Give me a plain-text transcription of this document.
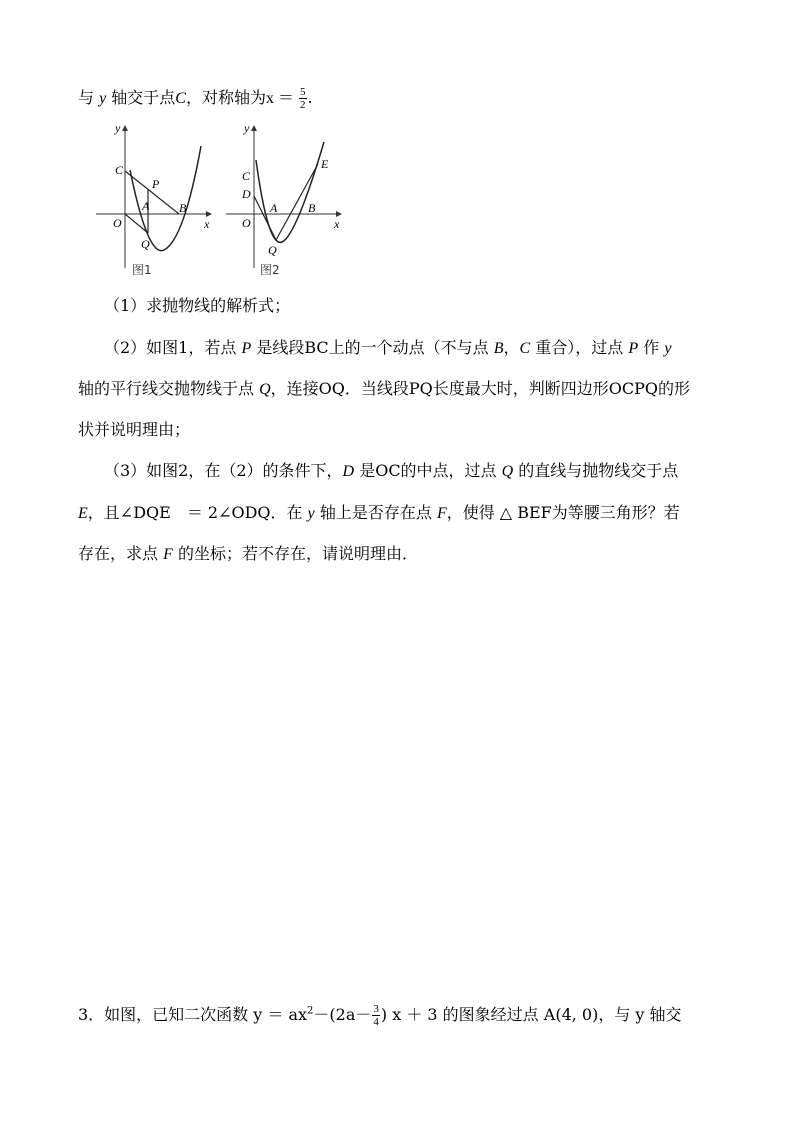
与 y 轴交于点C，对称轴为$x = \frac{5}{2}$ .
y
x
C
P
A B
O
Q
图1
y
x
C
D
A	B
O
Q
E
图2
（1）求抛物线的解析式；
（2）如图1，若点 P 是线段BC上的一个动点（不与点 B，C 重合），过点 P 作 y
轴的平行线交抛物线于点 Q，连接OQ．当线段PQ长度最大时，判断四边形OCPQ的形
状并说明理由；
（3）如图2，在（2）的条件下，D 是OC的中点，过点 Q 的直线与抛物线交于点
E，且∠DQE　＝ 2∠ODQ．在 y 轴上是否存在点 F，使得 △ BEF为等腰三角形？若
存在，求点 F 的坐标；若不存在，请说明理由．
3．如图，已知二次函数 $y = ax^2-(2a- \frac{3}{4}$ ) x ＋ 3 的图象经过点 A(4, 0)，与 y 轴交
